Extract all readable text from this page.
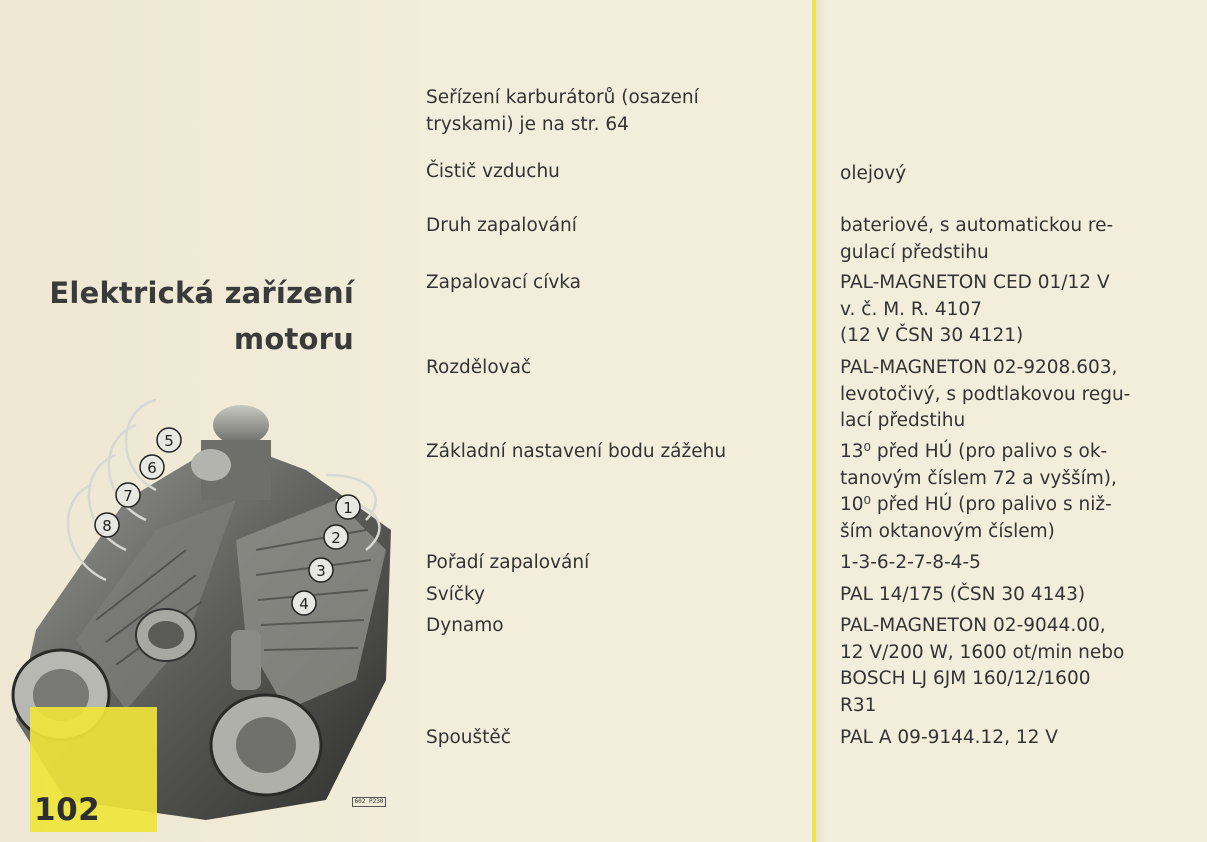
Elektrická zařízení
motoru
5
6
7
8
1
2
3
4
102	602 P230
Seřízení karburátorů (osazení
tryskami) je na str. 64
Čistič vzduchu	olejový
Druh zapalování	bateriové, s automatickou re-
gulací předstihu
Zapalovací cívka	PAL-MAGNETON CED 01/12 V
v. č. M. R. 4107
(12 V ČSN 30 4121)
Rozdělovač	PAL-MAGNETON 02-9208.603,
levotočivý, s podtlakovou regu-
lací předstihu
Základní nastavení bodu zážehu	13⁰ před HÚ (pro palivo s ok-
tanovým číslem 72 a vyšším),
10⁰ před HÚ (pro palivo s niž-
ším oktanovým číslem)
Pořadí zapalování	1-3-6-2-7-8-4-5
Svíčky	PAL 14/175 (ČSN 30 4143)
Dynamo	PAL-MAGNETON 02-9044.00,
12 V/200 W, 1600 ot/min nebo
BOSCH LJ 6JM 160/12/1600
R31
Spouštěč	PAL A 09-9144.12, 12 V
